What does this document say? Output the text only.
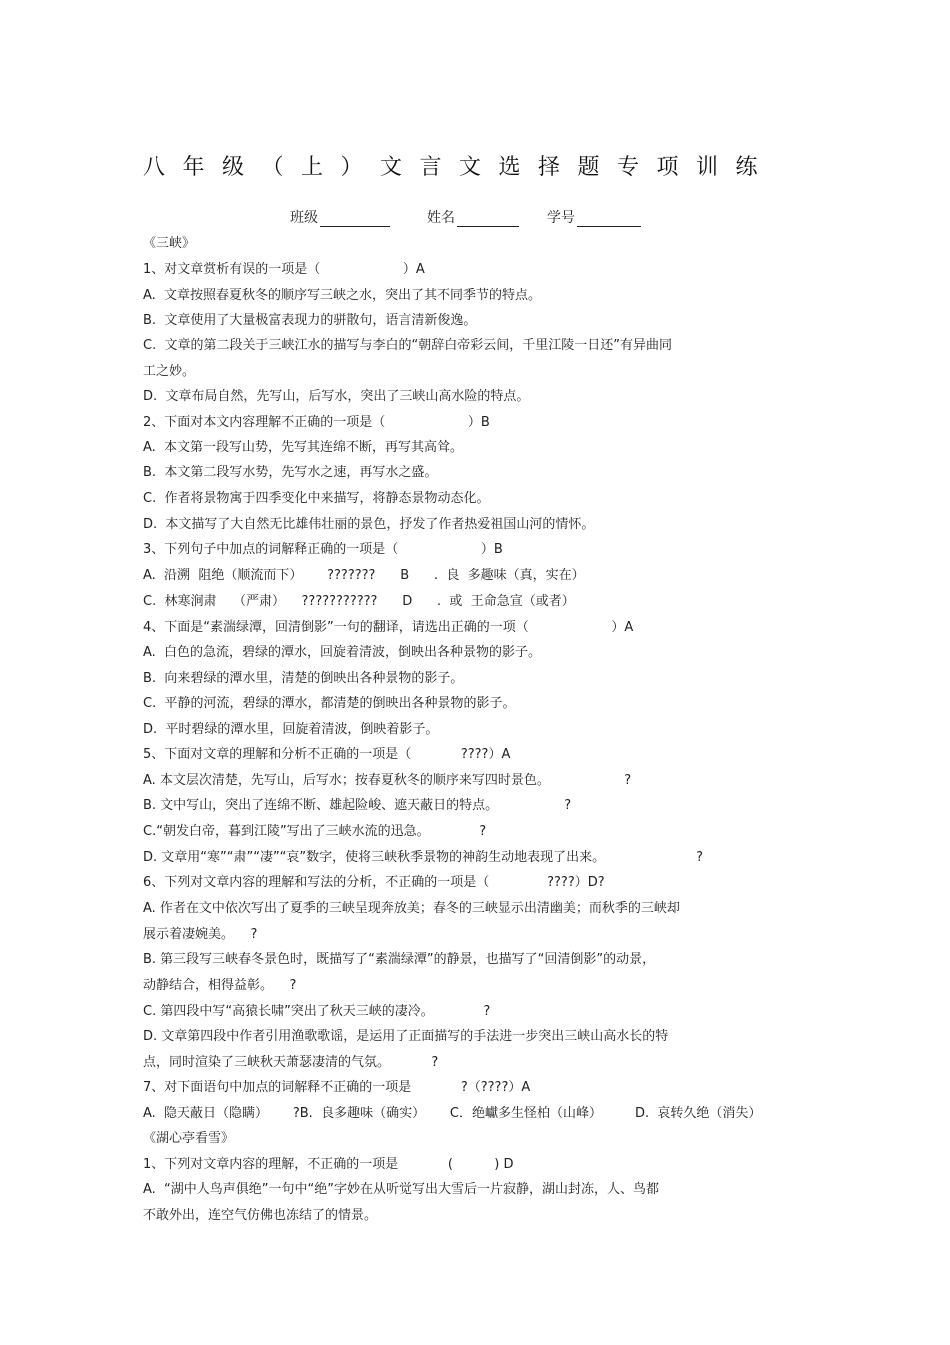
八年级（上）文言文选择题专项训练
班级	姓名	学号
《三峡》
1、对文章赏析有误的一项是（                    ）A
A.  文章按照春夏秋冬的顺序写三峡之水，突出了其不同季节的特点。
B.  文章使用了大量极富表现力的骈散句，语言清新俊逸。
C.  文章的第二段关于三峡江水的描写与李白的“朝辞白帝彩云间，千里江陵一日还”有异曲同
工之妙。
D.  文章布局自然，先写山，后写水，突出了三峡山高水险的特点。
2、下面对本文内容理解不正确的一项是（                    ）B
A.  本文第一段写山势，先写其连绵不断，再写其高耸。
B.  本文第二段写水势，先写水之速，再写水之盛。
C.  作者将景物寓于四季变化中来描写，将静态景物动态化。
D.  本文描写了大自然无比雄伟壮丽的景色，抒发了作者热爱祖国山河的情怀。
3、下列句子中加点的词解释正确的一项是（                    ）B
A.  沿溯  阻绝（顺流而下）      ???????      B      .  良  多趣味（真，实在）
C.  林寒涧肃    （严肃）    ???????????      D      .  或  王命急宣（或者）
4、下面是“素湍绿潭，回清倒影”一句的翻译，请选出正确的一项（                    ）A
A.  白色的急流，碧绿的潭水，回旋着清波，倒映出各种景物的影子。
B.  向来碧绿的潭水里，清楚的倒映出各种景物的影子。
C.  平静的河流，碧绿的潭水，都清楚的倒映出各种景物的影子。
D.  平时碧绿的潭水里，回旋着清波，倒映着影子。
5、下面对文章的理解和分析不正确的一项是（            ????）A
A. 本文层次清楚，先写山，后写水；按春夏秋冬的顺序来写四时景色。                  ?
B. 文中写山，突出了连绵不断、雄起险峻、遮天蔽日的特点。                ?
C.“朝发白帝，暮到江陵”写出了三峡水流的迅急。            ?
D. 文章用“寒”“肃”“凄”“哀”数字，使将三峡秋季景物的神韵生动地表现了出来。                      ?
6、下列对文章内容的理解和写法的分析，不正确的一项是（              ????）D?
A. 作者在文中依次写出了夏季的三峡呈现奔放美；春冬的三峡显示出清幽美；而秋季的三峡却
展示着凄婉美。    ?
B. 第三段写三峡春冬景色时，既描写了“素湍绿潭”的静景，也描写了“回清倒影”的动景，
动静结合，相得益彰。    ?
C. 第四段中写“高猿长啸”突出了秋天三峡的凄冷。            ?
D. 文章第四段中作者引用渔歌歌谣，是运用了正面描写的手法进一步突出三峡山高水长的特
点，同时渲染了三峡秋天萧瑟凄清的气氛。          ?
7、对下面语句中加点的词解释不正确的一项是            ?（????）A
A.  隐天蔽日（隐瞒）      ?B.  良多趣味（确实）      C．绝巘多生怪柏（山峰）        D.  哀转久绝（消失）
《湖心亭看雪》
1、下列对文章内容的理解，不正确的一项是            (          ) D
A.  “湖中人鸟声俱绝”一句中“绝”字妙在从听觉写出大雪后一片寂静，湖山封冻，人、鸟都
不敢外出，连空气仿佛也冻结了的情景。
